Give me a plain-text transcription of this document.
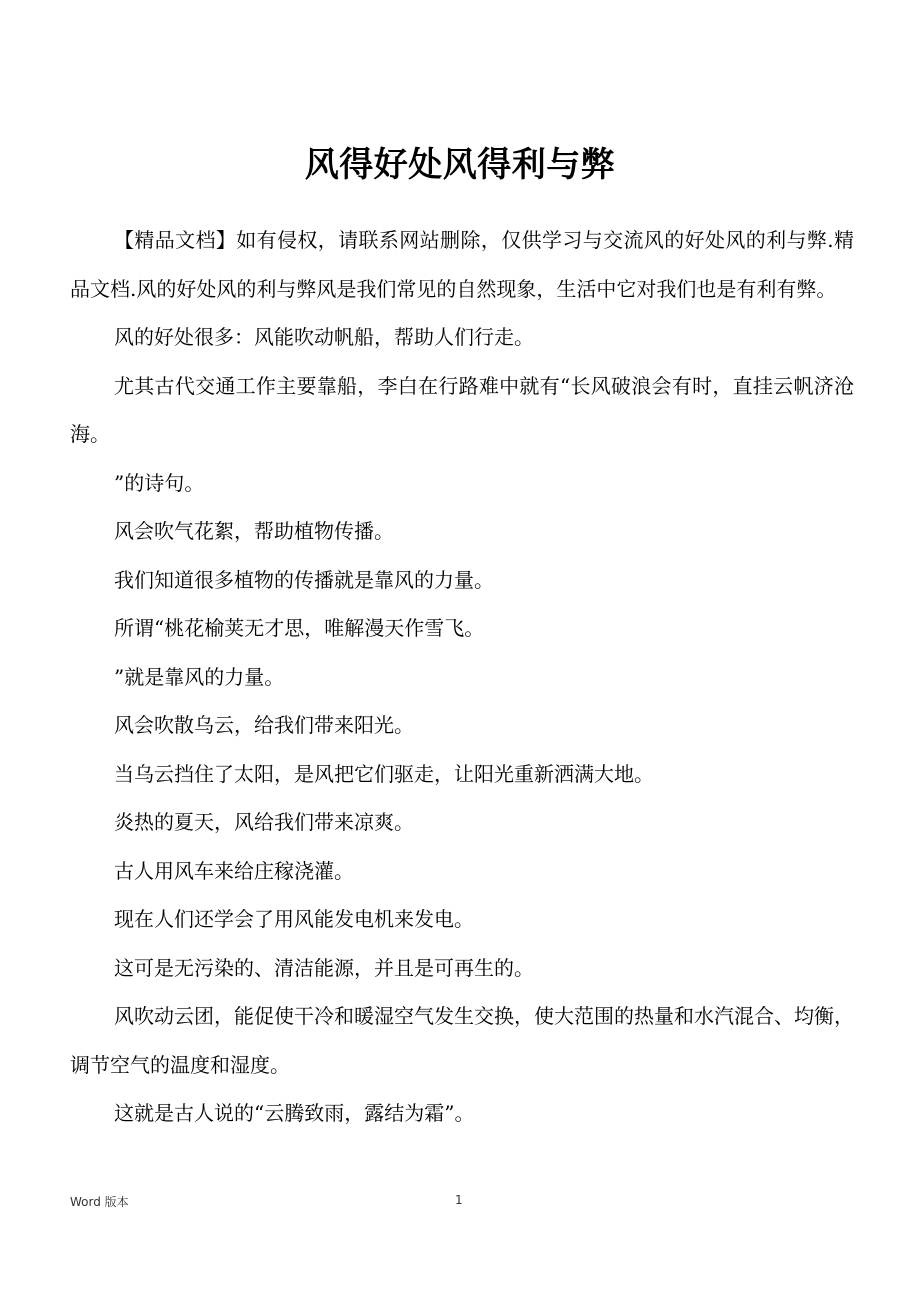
风得好处风得利与弊

【精品文档】如有侵权，请联系网站删除，仅供学习与交流风的好处风的利与弊.精品文档.风的好处风的利与弊风是我们常见的自然现象，生活中它对我们也是有利有弊。

风的好处很多：风能吹动帆船，帮助人们行走。

尤其古代交通工作主要靠船，李白在行路难中就有“长风破浪会有时，直挂云帆济沧海。

”的诗句。

风会吹气花絮，帮助植物传播。

我们知道很多植物的传播就是靠风的力量。

所谓“桃花榆荚无才思，唯解漫天作雪飞。

”就是靠风的力量。

风会吹散乌云，给我们带来阳光。

当乌云挡住了太阳，是风把它们驱走，让阳光重新洒满大地。

炎热的夏天，风给我们带来凉爽。

古人用风车来给庄稼浇灌。

现在人们还学会了用风能发电机来发电。

这可是无污染的、清洁能源，并且是可再生的。

风吹动云团，能促使干冷和暖湿空气发生交换，使大范围的热量和水汽混合、均衡，调节空气的温度和湿度。

这就是古人说的“云腾致雨，露结为霜”。

Word 版本	1
